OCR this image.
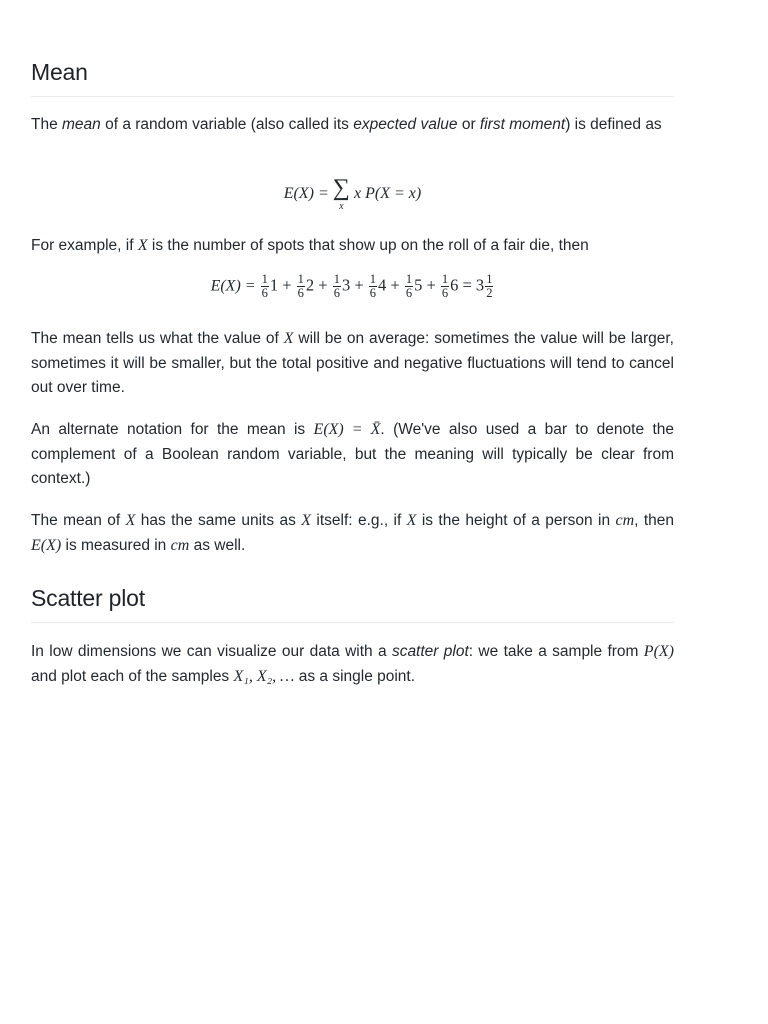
Mean

The mean of a random variable (also called its expected value or first moment) is defined as

E(X) = ∑
x
x P(X = x)

For example, if X is the number of spots that show up on the roll of a fair die, then

$E(X) = \frac{1}{6} 1 + \frac{1}{6} 2 + \frac{1}{6} 3 + \frac{1}{6} 4 + \frac{1}{6} 5 + \frac{1}{6} 6 = 3 \frac{1}{2}$

The mean tells us what the value of X will be on average: sometimes the value will be larger, sometimes it will be smaller, but the total positive and negative fluctuations will tend to cancel out over time.

An alternate notation for the mean is E(X) = X̄. (We've also used a bar to denote the complement of a Boolean random variable, but the meaning will typically be clear from context.)

The mean of X has the same units as X itself: e.g., if X is the height of a person in cm, then E(X) is measured in cm as well.

Scatter plot

In low dimensions we can visualize our data with a scatter plot: we take a sample from P(X) and plot each of the samples X₁, X₂, … as a single point.
